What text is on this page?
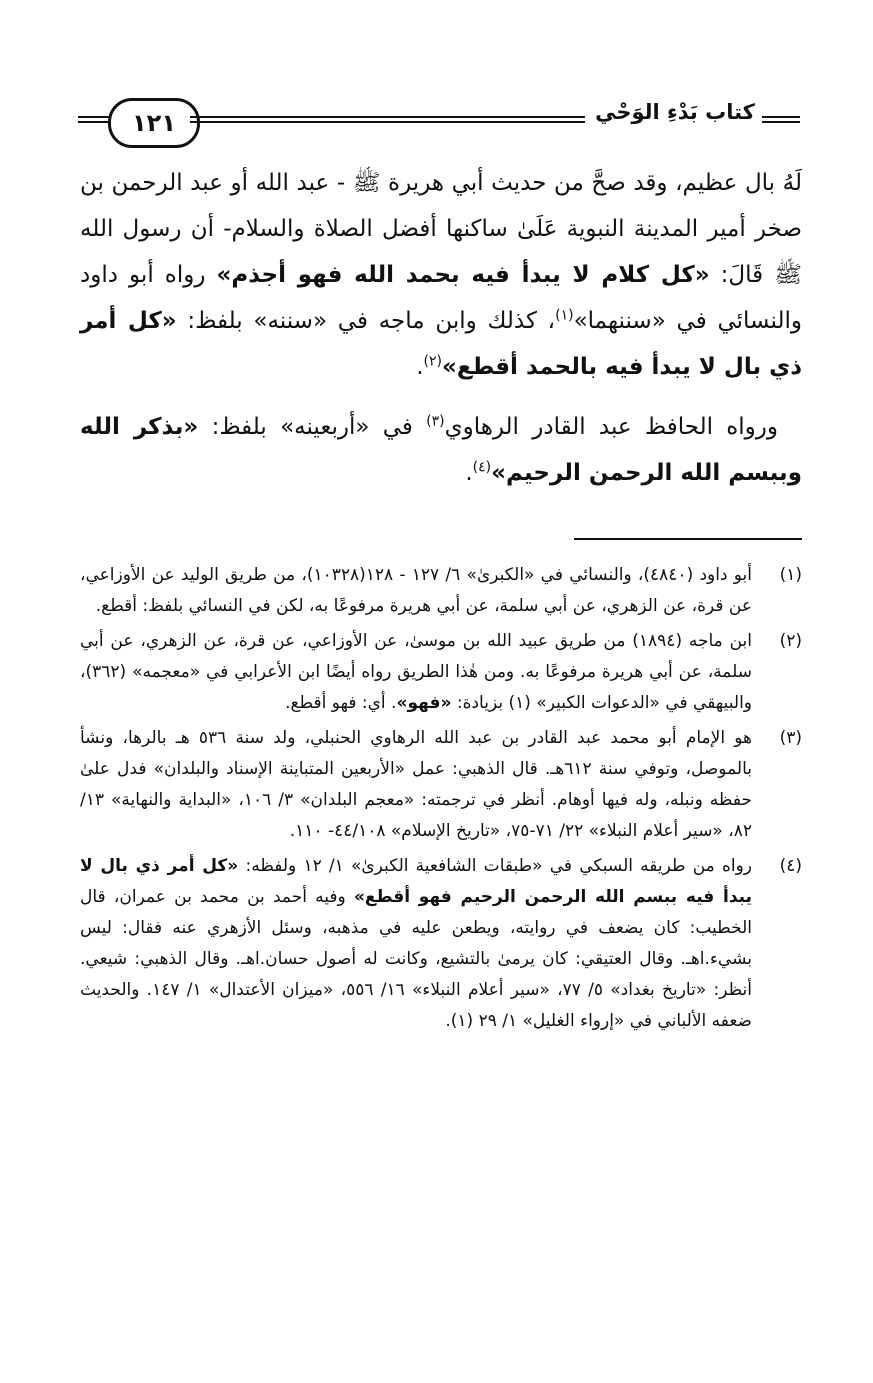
١٢١	كتاب بَدْءِ الوَحْي

لَهُ بال عظيم، وقد صحَّ من حديث أبي هريرة ﷺ - عبد الله أو عبد الرحمن بن صخر أمير المدينة النبوية عَلَىٰ ساكنها أفضل الصلاة والسلام- أن رسول الله ﷺ قَالَ: «كل كلام لا يبدأ فيه بحمد الله فهو أجذم» رواه أبو داود والنسائي في «سننهما»$^{(١)}$، كذلك وابن ماجه في «سننه» بلفظ: «كل أمر ذي بال لا يبدأ فيه بالحمد أقطع»$^{(٢)}$.

ورواه الحافظ عبد القادر الرهاوي$^{(٣)}$ في «أربعينه» بلفظ: «بذكر الله وببسم الله الرحمن الرحيم»$^{(٤)}$.

(١)
أبو داود (٤٨٤٠)، والنسائي في «الكبرىٰ» ٦/ ١٢٧ - ١٢٨(١٠٣٢٨)، من طريق الوليد عن الأوزاعي، عن قرة، عن الزهري، عن أبي سلمة، عن أبي هريرة مرفوعًا به، لكن في النسائي بلفظ: أقطع.
(٢)
ابن ماجه (١٨٩٤) من طريق عبيد الله بن موسىٰ، عن الأوزاعي، عن قرة، عن الزهري، عن أبي سلمة، عن أبي هريرة مرفوعًا به. ومن هٰذا الطريق رواه أيضًا ابن الأعرابي في «معجمه» (٣٦٢)، والبيهقي في «الدعوات الكبير» (١) بزيادة: «فهو». أي: فهو أقطع.
(٣)
هو الإمام أبو محمد عبد القادر بن عبد الله الرهاوي الحنبلي، ولد سنة ٥٣٦ هـ بالرها، ونشأ بالموصل، وتوفي سنة ٦١٢هـ. قال الذهبي: عمل «الأربعين المتباينة الإسناد والبلدان» فدل علىٰ حفظه ونبله، وله فيها أوهام. أنظر في ترجمته: «معجم البلدان» ٣/ ١٠٦، «البداية والنهاية» ١٣/ ٨٢، «سير أعلام النبلاء» ٢٢/ ٧١-٧٥، «تاريخ الإسلام» ٤٤/١٠٨- ١١٠.
(٤)
رواه من طريقه السبكي في «طبقات الشافعية الكبرىٰ» ١/ ١٢ ولفظه: «كل أمر ذي بال لا يبدأ فيه ببسم الله الرحمن الرحيم فهو أقطع» وفيه أحمد بن محمد بن عمران، قال الخطيب: كان يضعف في روايته، ويطعن عليه في مذهبه، وسئل الأزهري عنه فقال: ليس بشيء.اهـ. وقال العتيقي: كان يرمىٰ بالتشيع، وكانت له أصول حسان.اهـ. وقال الذهبي: شيعي. أنظر: «تاريخ بغداد» ٥/ ٧٧، «سير أعلام النبلاء» ١٦/ ٥٥٦، «ميزان الأعتدال» ١/ ١٤٧. والحديث ضعفه الألباني في «إرواء الغليل» ١/ ٢٩ (١).
